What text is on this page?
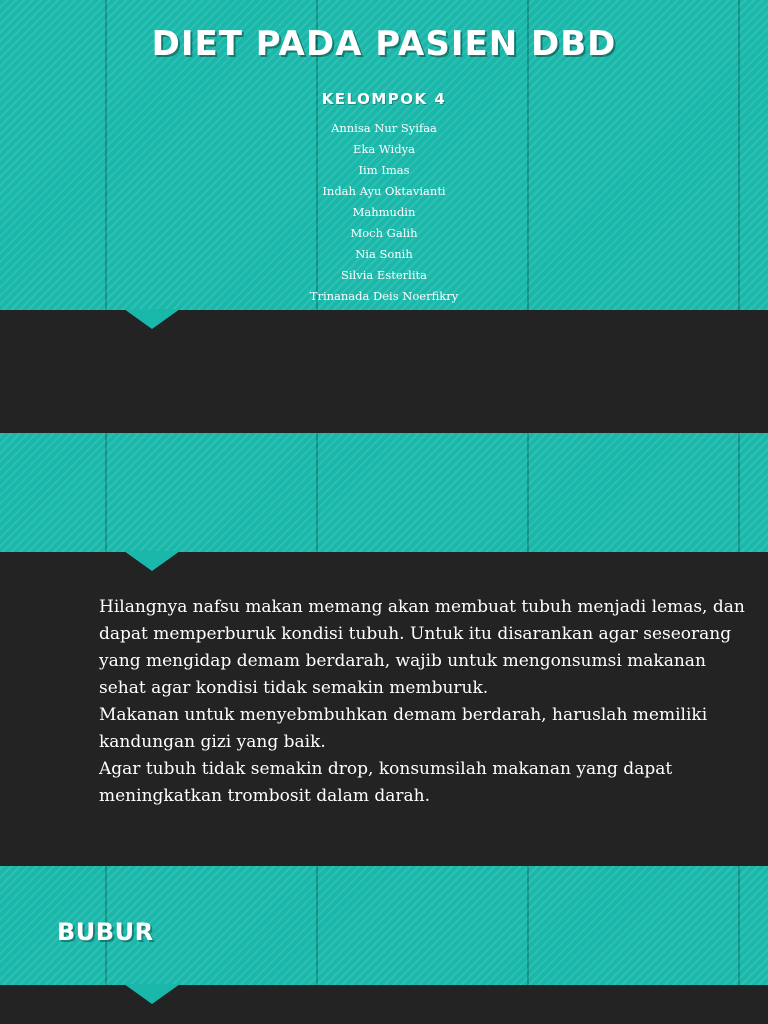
DIET PADA PASIEN DBD
KELOMPOK 4
Annisa Nur Syifaa
Eka Widya
Iim Imas
Indah Ayu Oktavianti
Mahmudin
Moch Galih
Nia Sonih
Silvia Esterlita
Trinanada Deis Noerfikry
Hilangnya nafsu makan memang akan membuat tubuh menjadi lemas, dan dapat memperburuk kondisi tubuh. Untuk itu disarankan agar seseorang yang mengidap demam berdarah, wajib untuk mengonsumsi makanan sehat agar kondisi tidak semakin memburuk.
Makanan untuk menyebmbuhkan demam berdarah, haruslah memiliki kandungan gizi yang baik.
Agar tubuh tidak semakin drop, konsumsilah makanan yang dapat meningkatkan trombosit dalam darah.
BUBUR
